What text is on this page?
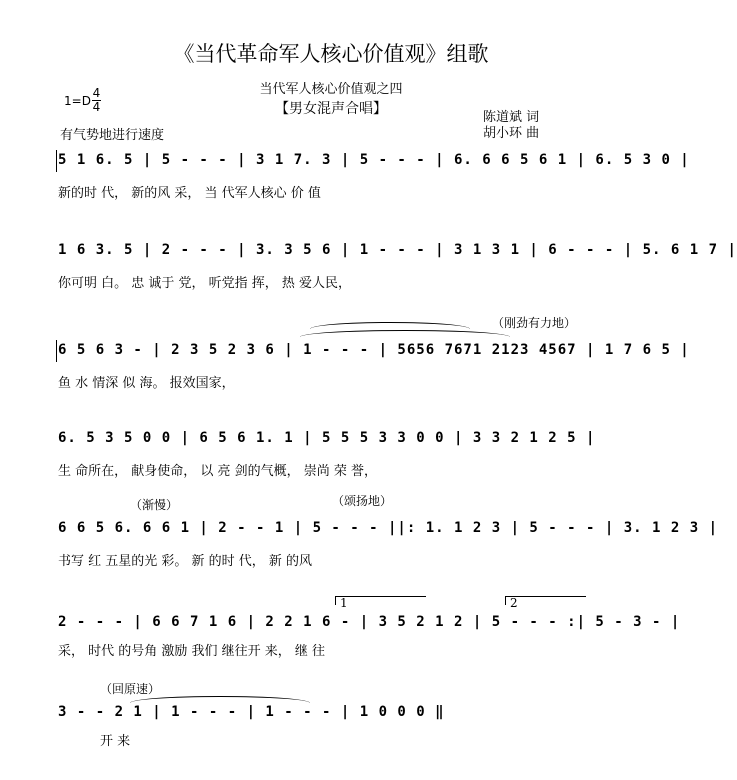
《当代革命军人核心价值观》组歌
当代军人核心价值观之四
【男女混声合唱】
1=D
4
4
陈道斌 词
胡小环 曲
有气势地进行速度
5 1 6. 5 | 5 - - - | 3 1 7. 3 | 5 - - - | 6. 6 6 5 6 1 | 6. 5 3 0 |
新的时 代， 新的风 采， 当 代军人核心 价 值
1 6 3. 5 | 2 - - - | 3. 3 5 6 | 1 - - - | 3 1 3 1 | 6 - - - | 5. 6 1 7 |
你可明 白。 忠 诚于 党， 听党指 挥， 热 爱人民，
（刚劲有力地）
6 5 6 3 - | 2 3 5 2 3 6 | 1 - - - | 5656 7671 2123 4567 | 1 7 6 5 |
鱼 水 情深 似 海。 报效国家，
6. 5 3 5 0 0 | 6 5 6 1. 1 | 5 5 5 3 3 0 0 | 3 3 2 1 2 5 |
生 命所在， 献身使命， 以 亮 剑的气概， 崇尚 荣 誉，
（渐慢）	（颂扬地）
6 6 5 6. 6 6 1 | 2 - - 1 | 5 - - - ||: 1. 1 2 3 | 5 - - - | 3. 1 2 3 |
书写 红 五星的光 彩。 新 的时 代， 新 的风
1	2
2 - - - | 6 6 7 1 6 | 2 2 1 6 - | 3 5 2 1 2 | 5 - - - :| 5 - 3 - |
采， 时代 的号角 激励 我们 继往开 来， 继 往
（回原速）
3 - - 2 1 | 1 - - - | 1 - - - | 1 0 0 0 ‖
开 来
